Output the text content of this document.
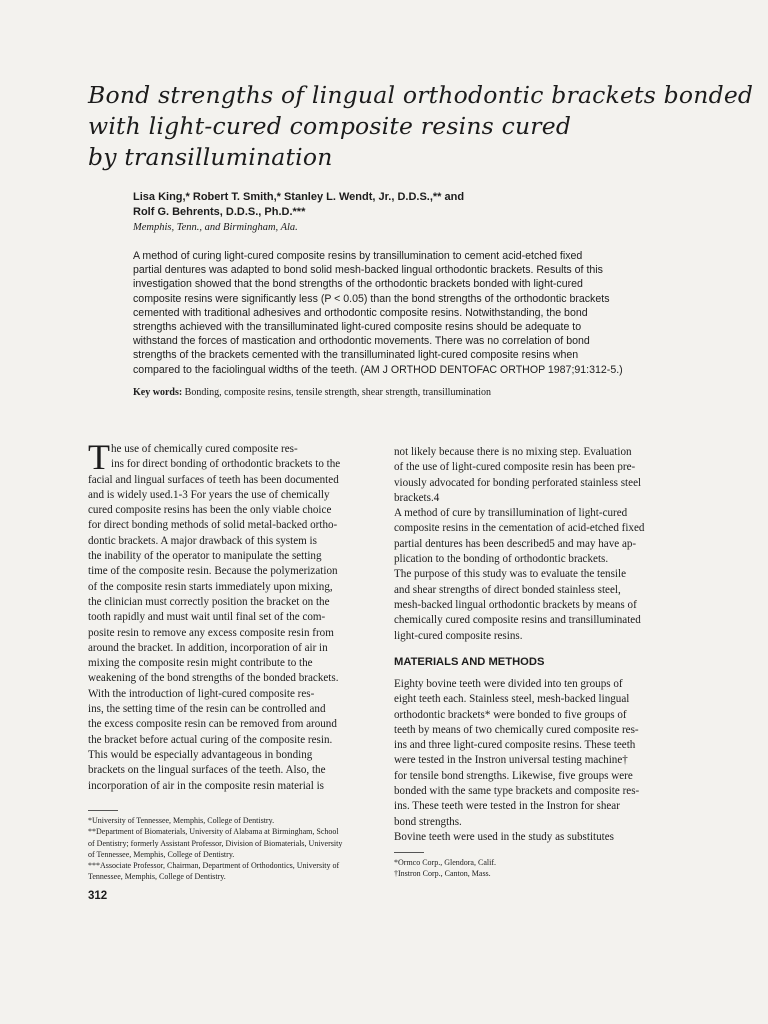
Bond strengths of lingual orthodontic brackets bonded
with light-cured composite resins cured
by transillumination
Lisa King,* Robert T. Smith,* Stanley L. Wendt, Jr., D.D.S.,** and
Rolf G. Behrents, D.D.S., Ph.D.***
Memphis, Tenn., and Birmingham, Ala.
A method of curing light-cured composite resins by transillumination to cement acid-etched fixed
partial dentures was adapted to bond solid mesh-backed lingual orthodontic brackets. Results of this
investigation showed that the bond strengths of the orthodontic brackets bonded with light-cured
composite resins were significantly less (P < 0.05) than the bond strengths of the orthodontic brackets
cemented with traditional adhesives and orthodontic composite resins. Notwithstanding, the bond
strengths achieved with the transilluminated light-cured composite resins should be adequate to
withstand the forces of mastication and orthodontic movements. There was no correlation of bond
strengths of the brackets cemented with the transilluminated light-cured composite resins when
compared to the faciolingual widths of the teeth. (AM J ORTHOD DENTOFAC ORTHOP 1987;91:312-5.)
Key words: Bonding, composite resins, tensile strength, shear strength, transillumination
T he use of chemically cured composite res-
ins for direct bonding of orthodontic brackets to the
facial and lingual surfaces of teeth has been documented
and is widely used.1-3 For years the use of chemically
cured composite resins has been the only viable choice
for direct bonding methods of solid metal-backed ortho-
dontic brackets. A major drawback of this system is
the inability of the operator to manipulate the setting
time of the composite resin. Because the polymerization
of the composite resin starts immediately upon mixing,
the clinician must correctly position the bracket on the
tooth rapidly and must wait until final set of the com-
posite resin to remove any excess composite resin from
around the bracket. In addition, incorporation of air in
mixing the composite resin might contribute to the
weakening of the bond strengths of the bonded brackets.
With the introduction of light-cured composite res-
ins, the setting time of the resin can be controlled and
the excess composite resin can be removed from around
the bracket before actual curing of the composite resin.
This would be especially advantageous in bonding
brackets on the lingual surfaces of the teeth. Also, the
incorporation of air in the composite resin material is
not likely because there is no mixing step. Evaluation
of the use of light-cured composite resin has been pre-
viously advocated for bonding perforated stainless steel
brackets.4
A method of cure by transillumination of light-cured
composite resins in the cementation of acid-etched fixed
partial dentures has been described5 and may have ap-
plication to the bonding of orthodontic brackets.
The purpose of this study was to evaluate the tensile
and shear strengths of direct bonded stainless steel,
mesh-backed lingual orthodontic brackets by means of
chemically cured composite resins and transilluminated
light-cured composite resins.
MATERIALS AND METHODS
Eighty bovine teeth were divided into ten groups of
eight teeth each. Stainless steel, mesh-backed lingual
orthodontic brackets* were bonded to five groups of
teeth by means of two chemically cured composite res-
ins and three light-cured composite resins. These teeth
were tested in the Instron universal testing machine†
for tensile bond strengths. Likewise, five groups were
bonded with the same type brackets and composite res-
ins. These teeth were tested in the Instron for shear
bond strengths.
Bovine teeth were used in the study as substitutes
*University of Tennessee, Memphis, College of Dentistry.
**Department of Biomaterials, University of Alabama at Birmingham, School
of Dentistry; formerly Assistant Professor, Division of Biomaterials, University
of Tennessee, Memphis, College of Dentistry.
***Associate Professor, Chairman, Department of Orthodontics, University of
Tennessee, Memphis, College of Dentistry.
*Ormco Corp., Glendora, Calif.
†Instron Corp., Canton, Mass.
312
